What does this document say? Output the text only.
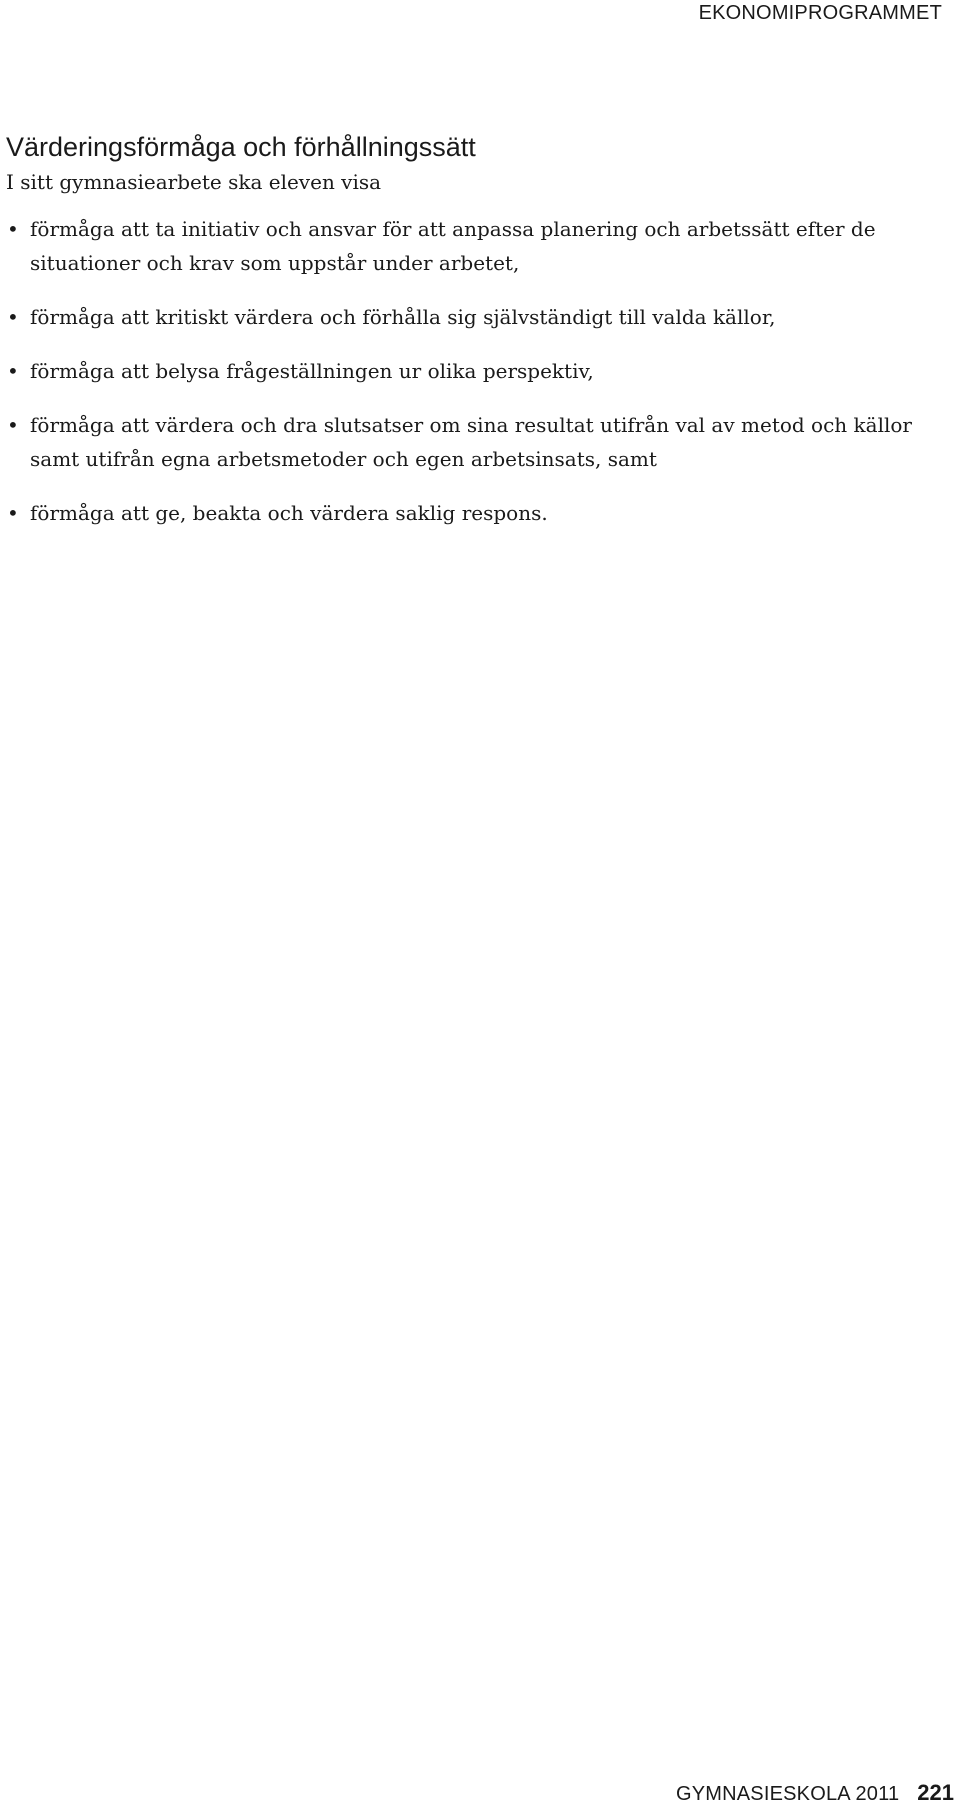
EKONOMIPROGRAMMET
Värderingsförmåga och förhållningssätt

I sitt gymnasiearbete ska eleven visa

• förmåga att ta initiativ och ansvar för att anpassa planering och arbetssätt efter de situationer och krav som uppstår under arbetet,
• förmåga att kritiskt värdera och förhålla sig självständigt till valda källor,
• förmåga att belysa frågeställningen ur olika perspektiv,
• förmåga att värdera och dra slutsatser om sina resultat utifrån val av metod och källor samt utifrån egna arbetsmetoder och egen arbetsinsats, samt
• förmåga att ge, beakta och värdera saklig respons.
GYMNASIESKOLA 2011 221
